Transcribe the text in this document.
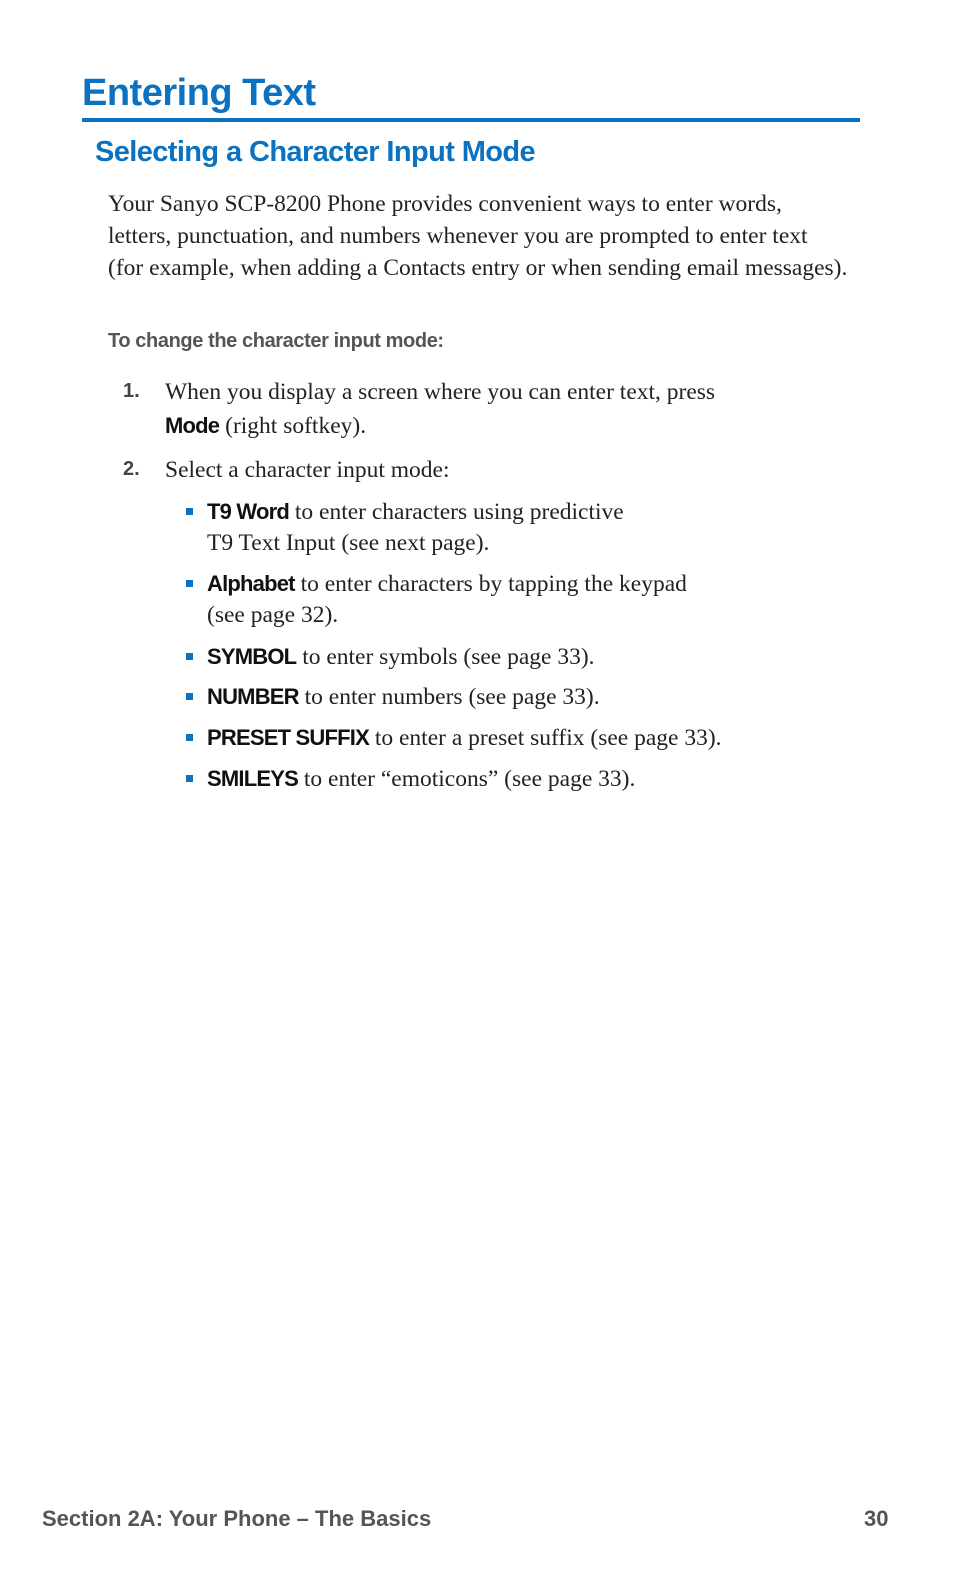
Entering Text
Selecting a Character Input Mode

Your Sanyo SCP-8200 Phone provides convenient ways to enter words, letters, punctuation, and numbers whenever you are prompted to enter text (for example, when adding a Contacts entry or when sending email messages).

To change the character input mode:

1. When you display a screen where you can enter text, press
Mode (right softkey).
2. Select a character input mode:
T9 Word to enter characters using predictive
T9 Text Input (see next page).
Alphabet to enter characters by tapping the keypad
(see page 32).
SYMBOL to enter symbols (see page 33).
NUMBER to enter numbers (see page 33).
PRESET SUFFIX to enter a preset suffix (see page 33).
SMILEYS to enter “emoticons” (see page 33).
Section 2A: Your Phone – The Basics	30
